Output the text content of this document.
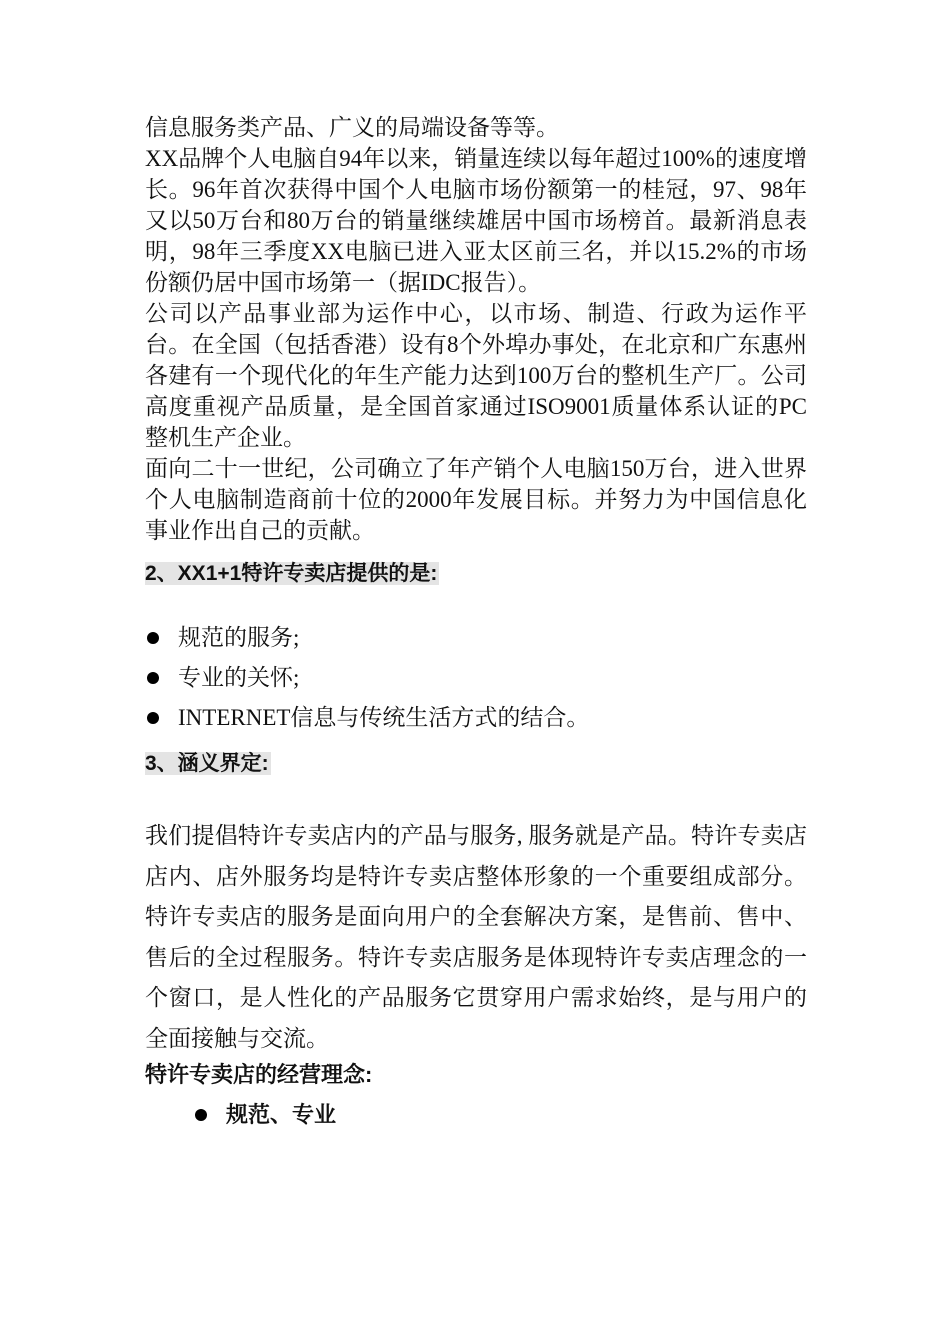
信息服务类产品、广义的局端设备等等。

XX品牌个人电脑自94年以来，销量连续以每年超过100%的速度增长。96年首次获得中国个人电脑市场份额第一的桂冠，97、98年又以50万台和80万台的销量继续雄居中国市场榜首。最新消息表明，98年三季度XX电脑已进入亚太区前三名，并以15.2%的市场份额仍居中国市场第一（据IDC报告）。

公司以产品事业部为运作中心，以市场、制造、行政为运作平台。在全国（包括香港）设有8个外埠办事处，在北京和广东惠州各建有一个现代化的年生产能力达到100万台的整机生产厂。公司高度重视产品质量，是全国首家通过ISO9001质量体系认证的PC整机生产企业。

面向二十一世纪，公司确立了年产销个人电脑150万台，进入世界个人电脑制造商前十位的2000年发展目标。并努力为中国信息化事业作出自己的贡献。

2、XX1+1特许专卖店提供的是:
规范的服务;
专业的关怀;
INTERNET信息与传统生活方式的结合。
3、涵义界定:

我们提倡特许专卖店内的产品与服务, 服务就是产品。特许专卖店店内、店外服务均是特许专卖店整体形象的一个重要组成部分。特许专卖店的服务是面向用户的全套解决方案，是售前、售中、售后的全过程服务。特许专卖店服务是体现特许专卖店理念的一个窗口，是人性化的产品服务它贯穿用户需求始终，是与用户的全面接触与交流。

特许专卖店的经营理念:

规范、专业
